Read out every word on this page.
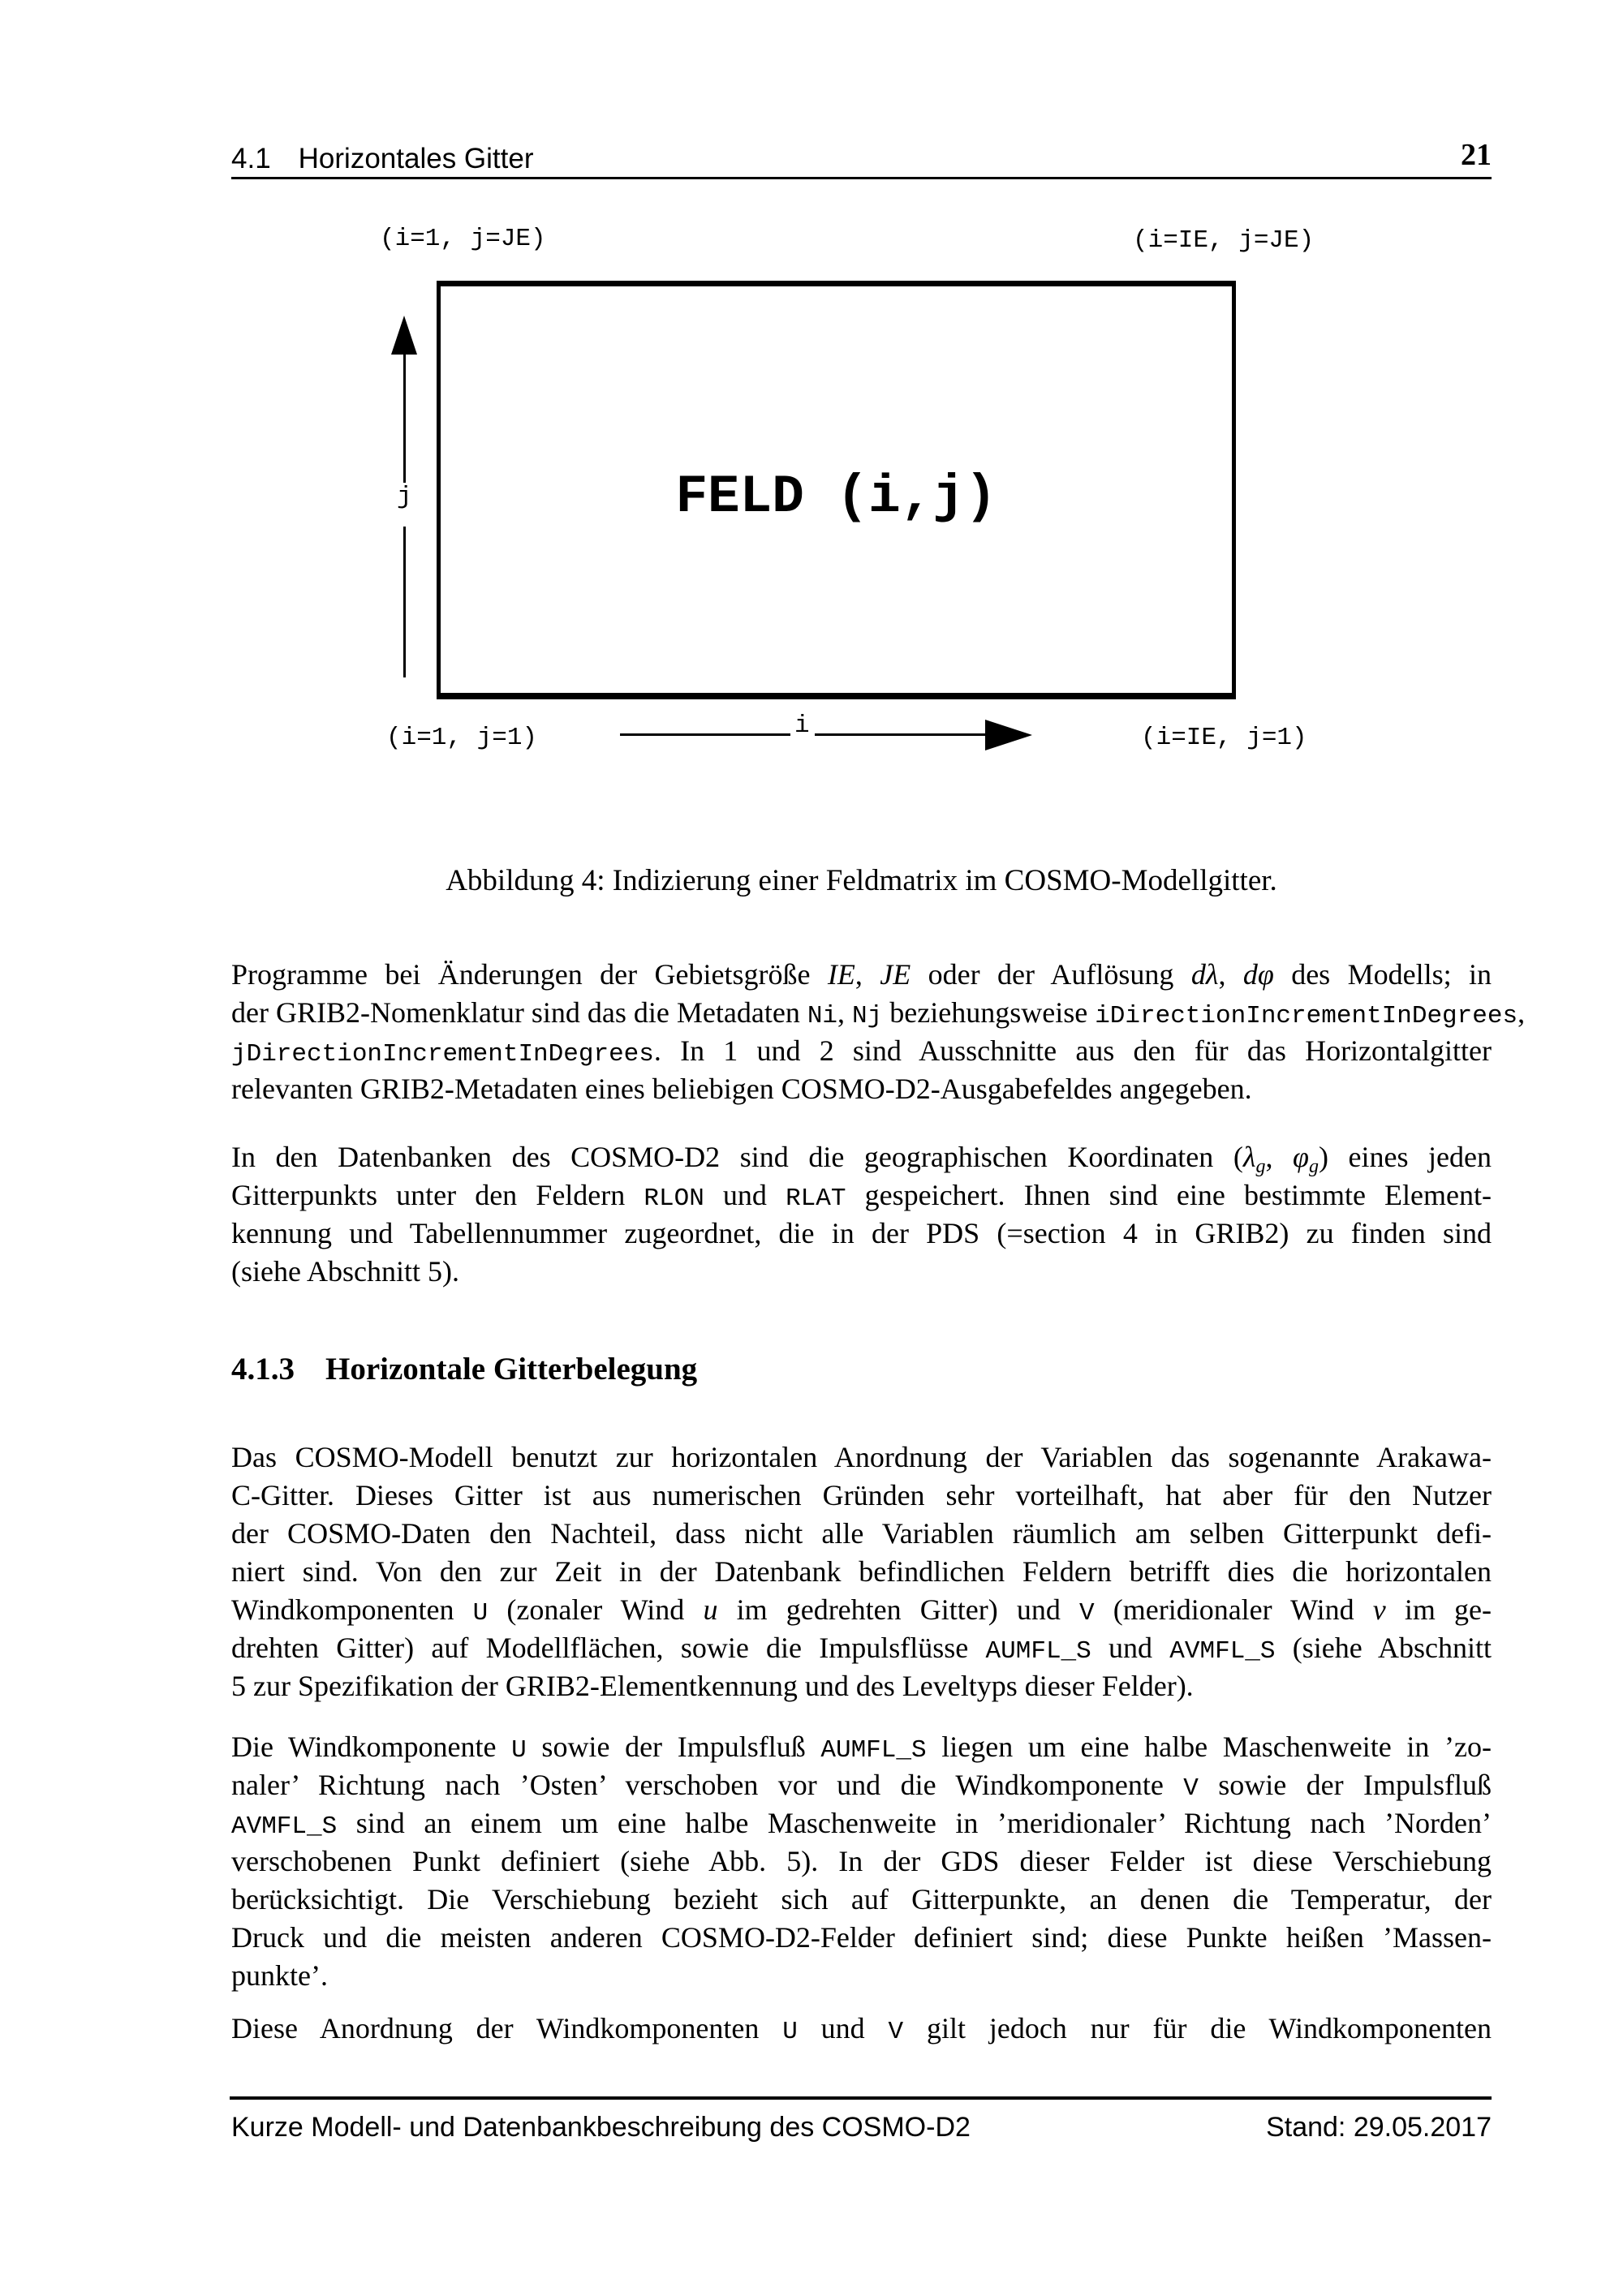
4.1 Horizontales Gitter	21
(i=1, j=JE)	(i=IE, j=JE)
FELD (i,j)
j
(i=1, j=1)	i	(i=IE, j=1)
Abbildung 4: Indizierung einer Feldmatrix im COSMO-Modellgitter.
Programme bei Änderungen der Gebietsgröße IE, JE oder der Auflösung dλ, dφ des Modells; in
der GRIB2-Nomenklatur sind das die Metadaten Ni, Nj beziehungsweise iDirectionIncrementInDegrees,
jDirectionIncrementInDegrees. In 1 und 2 sind Ausschnitte aus den für das Horizontalgitter
relevanten GRIB2-Metadaten eines beliebigen COSMO-D2-Ausgabefeldes angegeben.
In den Datenbanken des COSMO-D2 sind die geographischen Koordinaten (λg, φg) eines jeden
Gitterpunkts unter den Feldern RLON und RLAT gespeichert. Ihnen sind eine bestimmte Element-
kennung und Tabellennummer zugeordnet, die in der PDS (=section 4 in GRIB2) zu finden sind
(siehe Abschnitt 5).
4.1.3 Horizontale Gitterbelegung
Das COSMO-Modell benutzt zur horizontalen Anordnung der Variablen das sogenannte Arakawa-
C-Gitter. Dieses Gitter ist aus numerischen Gründen sehr vorteilhaft, hat aber für den Nutzer
der COSMO-Daten den Nachteil, dass nicht alle Variablen räumlich am selben Gitterpunkt defi-
niert sind. Von den zur Zeit in der Datenbank befindlichen Feldern betrifft dies die horizontalen
Windkomponenten U (zonaler Wind u im gedrehten Gitter) und V (meridionaler Wind v im ge-
drehten Gitter) auf Modellflächen, sowie die Impulsflüsse AUMFL_S und AVMFL_S (siehe Abschnitt
5 zur Spezifikation der GRIB2-Elementkennung und des Leveltyps dieser Felder).
Die Windkomponente U sowie der Impulsfluß AUMFL_S liegen um eine halbe Maschenweite in ’zo-
naler’ Richtung nach ’Osten’ verschoben vor und die Windkomponente V sowie der Impulsfluß
AVMFL_S sind an einem um eine halbe Maschenweite in ’meridionaler’ Richtung nach ’Norden’
verschobenen Punkt definiert (siehe Abb. 5). In der GDS dieser Felder ist diese Verschiebung
berücksichtigt. Die Verschiebung bezieht sich auf Gitterpunkte, an denen die Temperatur, der
Druck und die meisten anderen COSMO-D2-Felder definiert sind; diese Punkte heißen ’Massen-
punkte’.
Diese Anordnung der Windkomponenten U und V gilt jedoch nur für die Windkomponenten
Kurze Modell- und Datenbankbeschreibung des COSMO-D2	Stand: 29.05.2017
